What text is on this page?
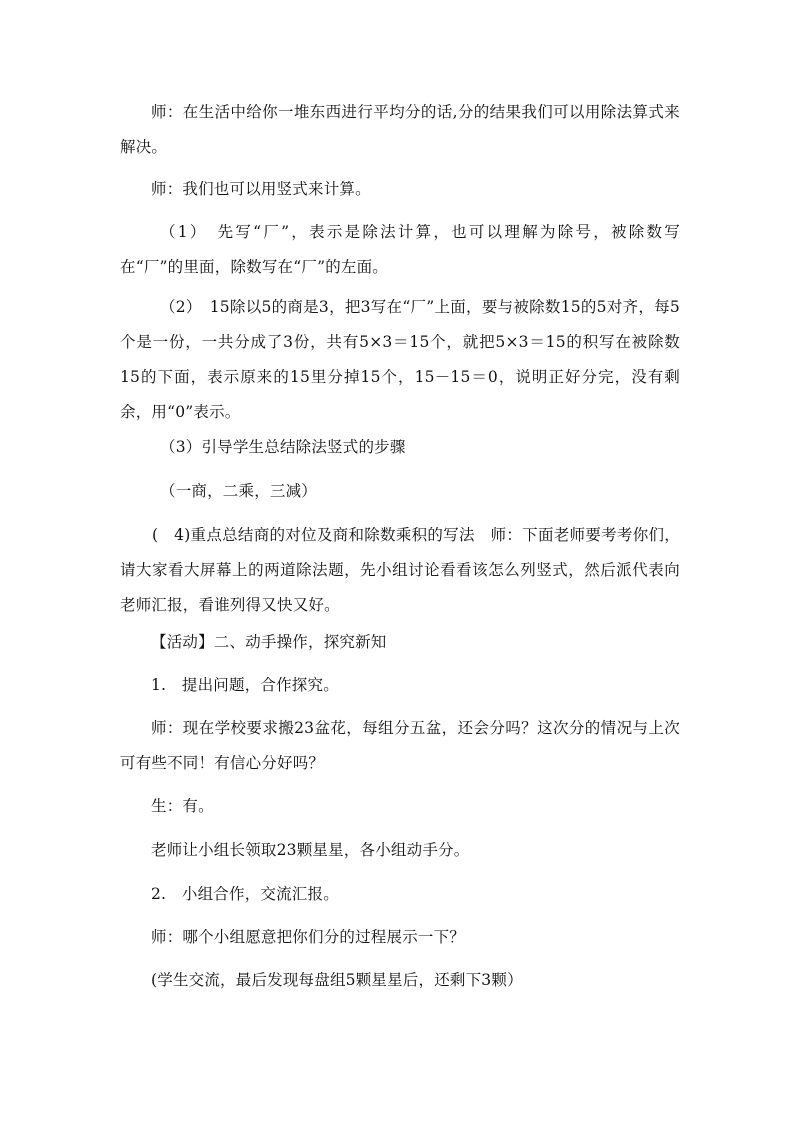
师：在生活中给你一堆东西进行平均分的话,分的结果我们可以用除法算式来解决。

师：我们也可以用竖式来计算。

（1）　先写“厂”，表示是除法计算，也可以理解为除号，被除数写在“厂”的里面，除数写在“厂”的左面。

（2）　15除以5的商是3，把3写在“厂”上面，要与被除数15的5对齐，每5个是一份，一共分成了3份，共有5×3＝15个，就把5×3＝15的积写在被除数15的下面，表示原来的15里分掉15个，15－15＝0，说明正好分完，没有剩余，用“0”表示。

（3）引导学生总结除法竖式的步骤

（一商，二乘，三减）

(　4)重点总结商的对位及商和除数乘积的写法　师：下面老师要考考你们，请大家看大屏幕上的两道除法题，先小组讨论看看该怎么列竖式，然后派代表向老师汇报，看谁列得又快又好。

【活动】二、动手操作，探究新知

1.　提出问题，合作探究。

师：现在学校要求搬23盆花，每组分五盆，还会分吗？这次分的情况与上次可有些不同！有信心分好吗？

生：有。

老师让小组长领取23颗星星，各小组动手分。

2.　小组合作，交流汇报。

师：哪个小组愿意把你们分的过程展示一下？

(学生交流，最后发现每盘组5颗星星后，还剩下3颗）
